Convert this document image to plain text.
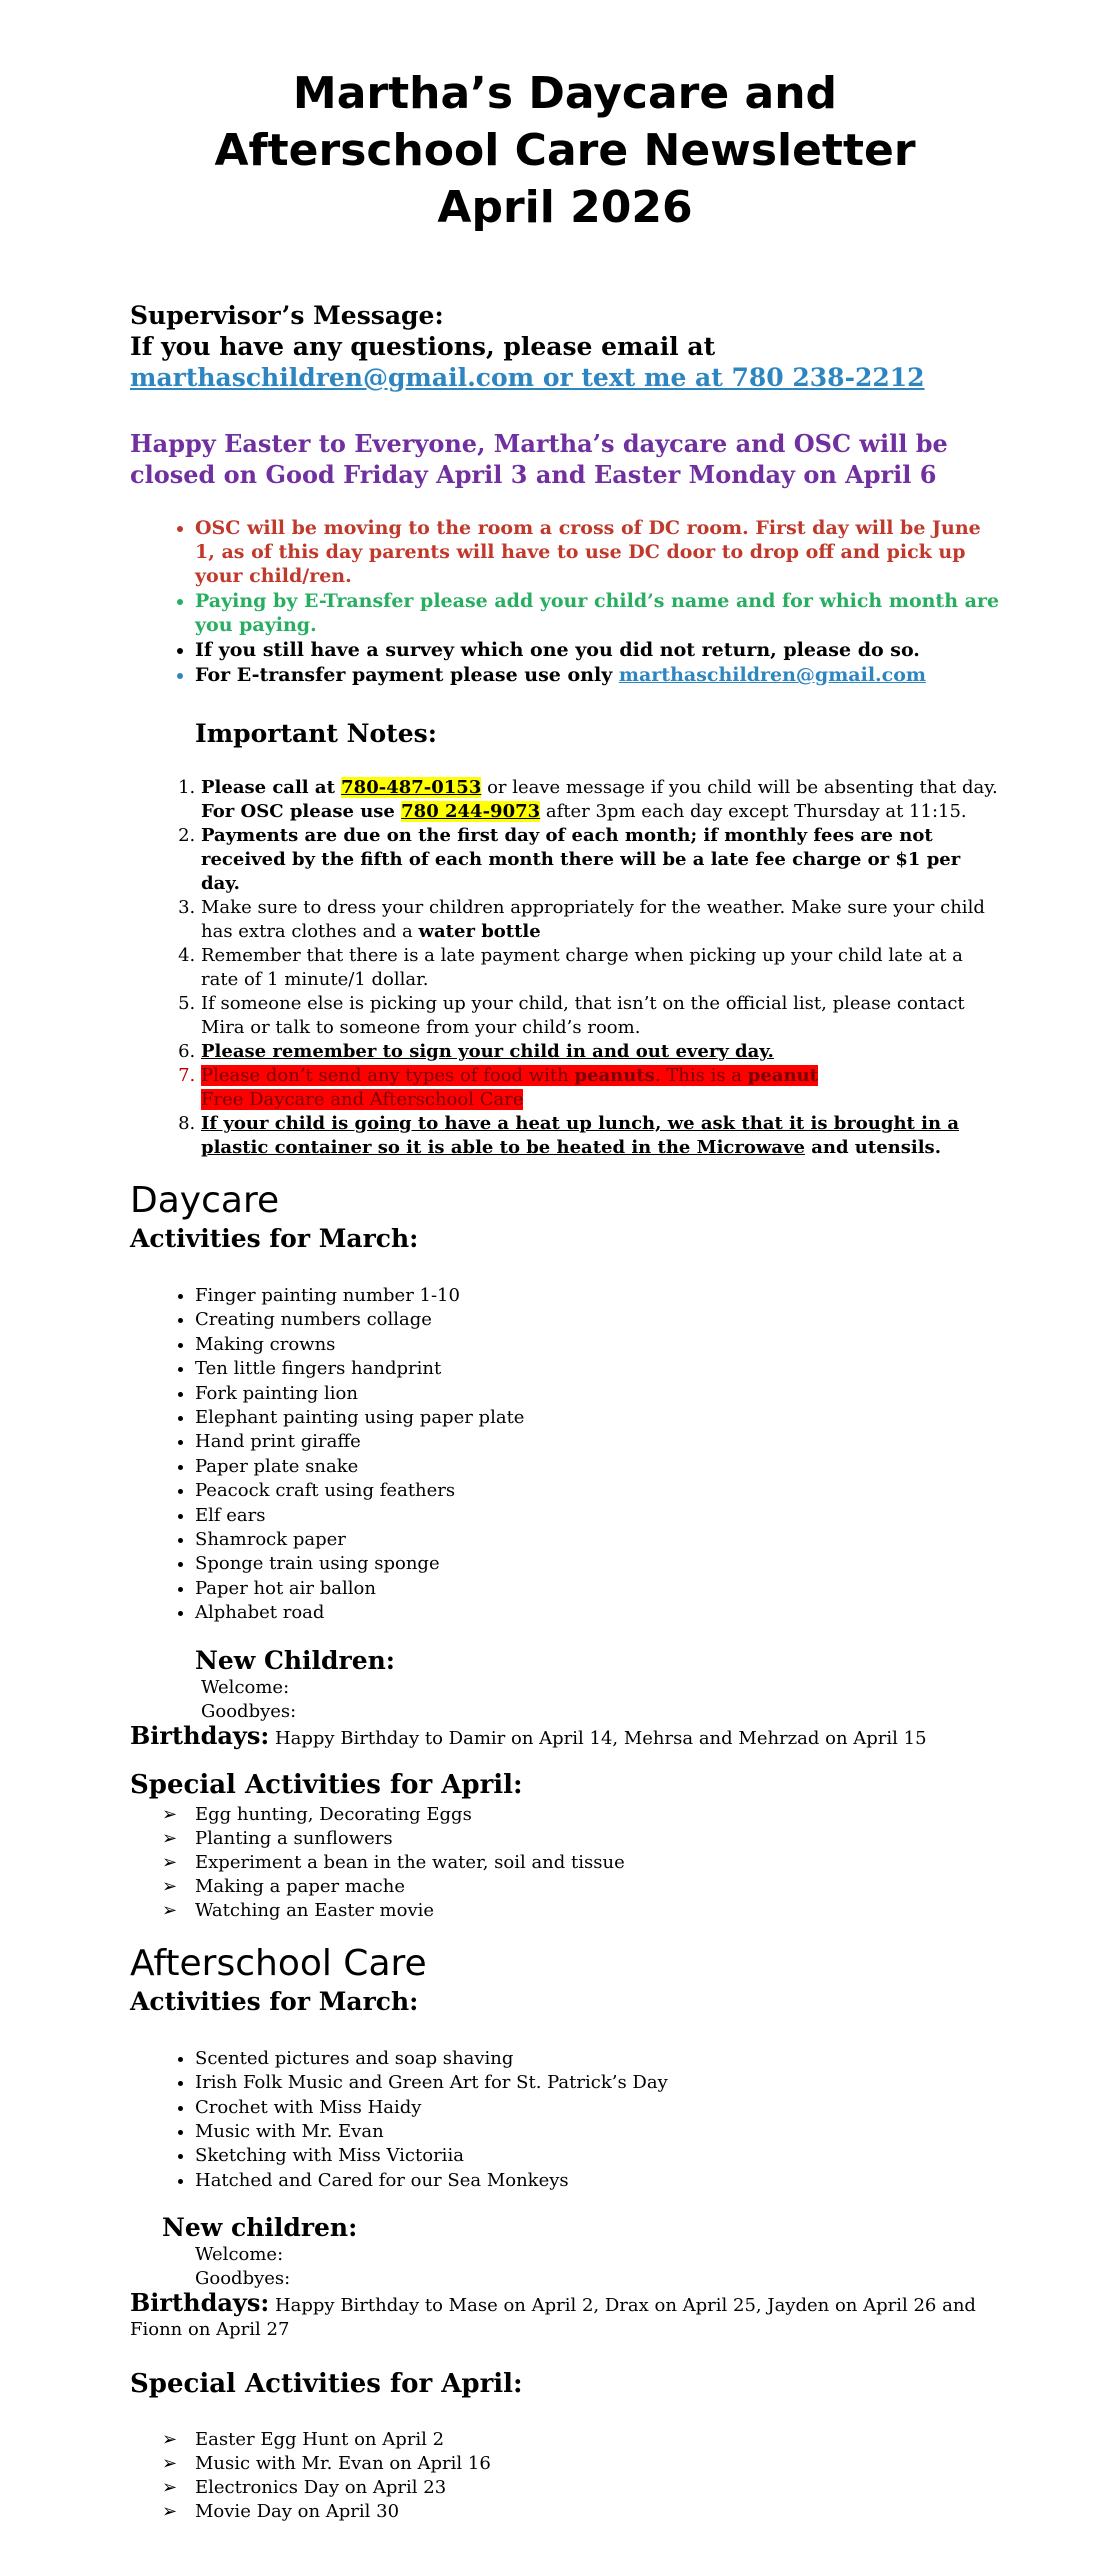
Martha’s Daycare and
Afterschool Care Newsletter
April 2026
Supervisor’s Message:
If you have any questions, please email at
marthaschildren@gmail.com or text me at 780 238-2212
Happy Easter to Everyone, Martha’s daycare and OSC will be closed on Good Friday April 3 and Easter Monday on April 6
• OSC will be moving to the room a cross of DC room. First day will be June 1, as of this day parents will have to use DC door to drop off and pick up your child/ren.
• Paying by E-Transfer please add your child’s name and for which month are you paying.
• If you still have a survey which one you did not return, please do so.
• For E-transfer payment please use only marthaschildren@gmail.com
Important Notes:
1. Please call at 780-487-0153 or leave message if you child will be absenting that day. For OSC please use 780 244-9073 after 3pm each day except Thursday at 11:15.
2. Payments are due on the first day of each month; if monthly fees are not received by the fifth of each month there will be a late fee charge or $1 per day.
3. Make sure to dress your children appropriately for the weather. Make sure your child has extra clothes and a water bottle
4. Remember that there is a late payment charge when picking up your child late at a rate of 1 minute/1 dollar.
5. If someone else is picking up your child, that isn’t on the official list, please contact Mira or talk to someone from your child’s room.
6. Please remember to sign your child in and out every day.
7. Please don’t send any types of food with peanuts. This is a peanut
Free Daycare and Afterschool Care
8. If your child is going to have a heat up lunch, we ask that it is brought in a plastic container so it is able to be heated in the Microwave and utensils.
Daycare
Activities for March:
• Finger painting number 1-10
• Creating numbers collage
• Making crowns
• Ten little fingers handprint
• Fork painting lion
• Elephant painting using paper plate
• Hand print giraffe
• Paper plate snake
• Peacock craft using feathers
• Elf ears
• Shamrock paper
• Sponge train using sponge
• Paper hot air ballon
• Alphabet road
New Children:
Welcome:
Goodbyes:
Birthdays: Happy Birthday to Damir on April 14, Mehrsa and Mehrzad on April 15
Special Activities for April:
➢ Egg hunting, Decorating Eggs
➢ Planting a sunflowers
➢ Experiment a bean in the water, soil and tissue
➢ Making a paper mache
➢ Watching an Easter movie
Afterschool Care
Activities for March:
• Scented pictures and soap shaving
• Irish Folk Music and Green Art for St. Patrick’s Day
• Crochet with Miss Haidy
• Music with Mr. Evan
• Sketching with Miss Victoriia
• Hatched and Cared for our Sea Monkeys
New children:
Welcome:
Goodbyes:
Birthdays: Happy Birthday to Mase on April 2, Drax on April 25, Jayden on April 26 and Fionn on April 27
Special Activities for April:
➢ Easter Egg Hunt on April 2
➢ Music with Mr. Evan on April 16
➢ Electronics Day on April 23
➢ Movie Day on April 30
